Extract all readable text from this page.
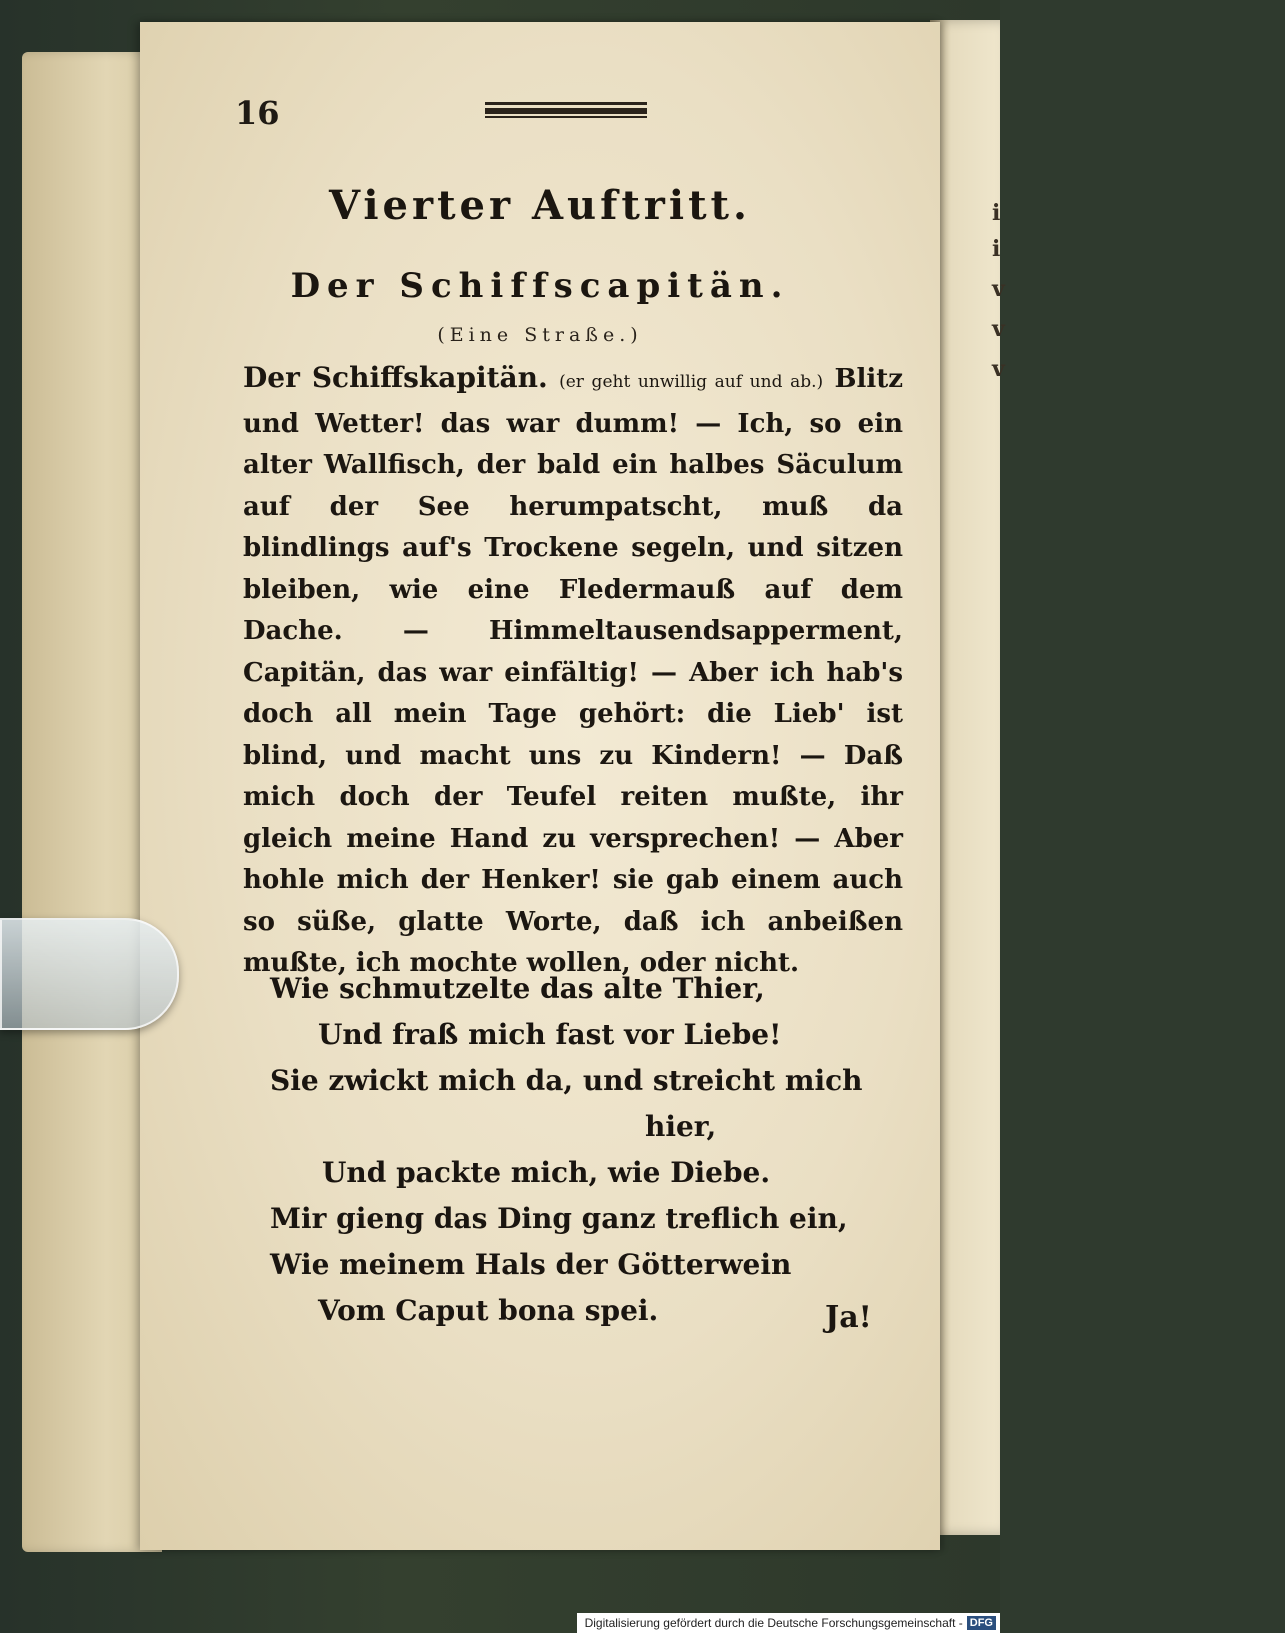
i
i
v
v
v
16
Vierter Auftritt.
Der Schiffscapitän.
(Eine Straße.)
Der Schiffskapitän. (er geht unwillig auf und ab.) Blitz und Wetter! das war dumm! — Ich, so ein alter Wallfisch, der bald ein halbes Säculum auf der See herumpatscht, muß da blindlings auf's Trockene segeln, und sitzen bleiben, wie eine Fledermauß auf dem Dache. — Himmeltausendsapperment, Capitän, das war einfältig! — Aber ich hab's doch all mein Tage gehört: die Lieb' ist blind, und macht uns zu Kindern! — Daß mich doch der Teufel reiten mußte, ihr gleich meine Hand zu versprechen! — Aber hohle mich der Henker! sie gab einem auch so süße, glatte Worte, daß ich anbeißen mußte, ich mochte wollen, oder nicht.
Wie schmutzelte das alte Thier,
Und fraß mich fast vor Liebe!
Sie zwickt mich da, und streicht mich
hier,
Und packte mich, wie Diebe.
Mir gieng das Ding ganz treflich ein,
Wie meinem Hals der Götterwein
Vom Caput bona spei.	Ja!
Digitalisierung gefördert durch die Deutsche Forschungsgemeinschaft - DFG
